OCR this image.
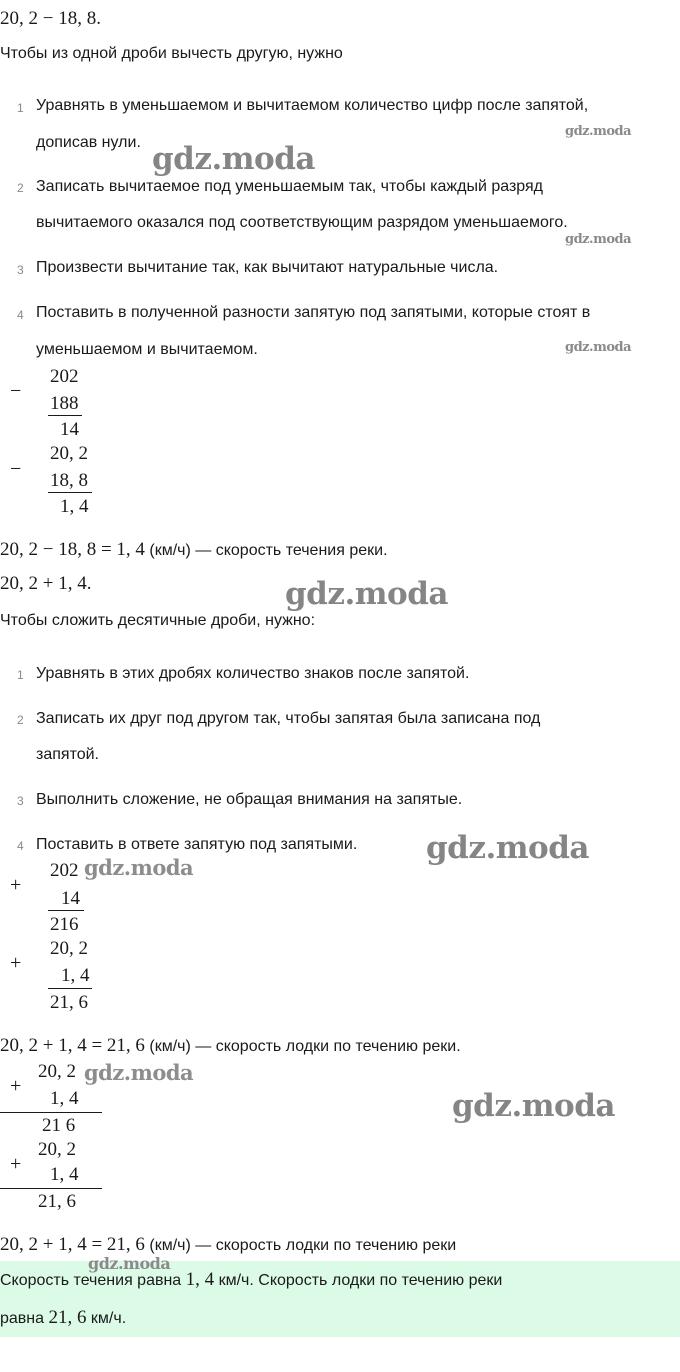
20, 2 − 18, 8.
Чтобы из одной дроби вычесть другую, нужно
1 Уравнять в уменьшаемом и вычитаемом количество цифр после запятой,
дописав нули.
2 Записать вычитаемое под уменьшаемым так, чтобы каждый разряд
вычитаемого оказался под соответствующим разрядом уменьшаемого.
3 Произвести вычитание так, как вычитают натуральные числа.
4 Поставить в полученной разности запятую под запятыми, которые стоят в
уменьшаемом и вычитаемом.
−
202
188
14
−
20, 2
18, 8
1, 4
20, 2 − 18, 8 = 1, 4 (км/ч) — скорость течения реки.
20, 2 + 1, 4.
Чтобы сложить десятичные дроби, нужно:
1 Уравнять в этих дробях количество знаков после запятой.
2 Записать их друг под другом так, чтобы запятая была записана под
запятой.
3 Выполнить сложение, не обращая внимания на запятые.
4 Поставить в ответе запятую под запятыми.
+
202
14
216
+
20, 2
1, 4
21, 6
20, 2 + 1, 4 = 21, 6 (км/ч) — скорость лодки по течению реки.
+
20, 2
1, 4
21 6
+
20, 2
1, 4
21, 6
20, 2 + 1, 4 = 21, 6 (км/ч) — скорость лодки по течению реки
Скорость течения равна 1, 4 км/ч. Скорость лодки по течению реки
равна 21, 6 км/ч.
gdz.moda
gdz.moda
gdz.moda
gdz.moda
gdz.moda
gdz.moda
gdz.moda
gdz.moda
gdz.moda
gdz.moda
